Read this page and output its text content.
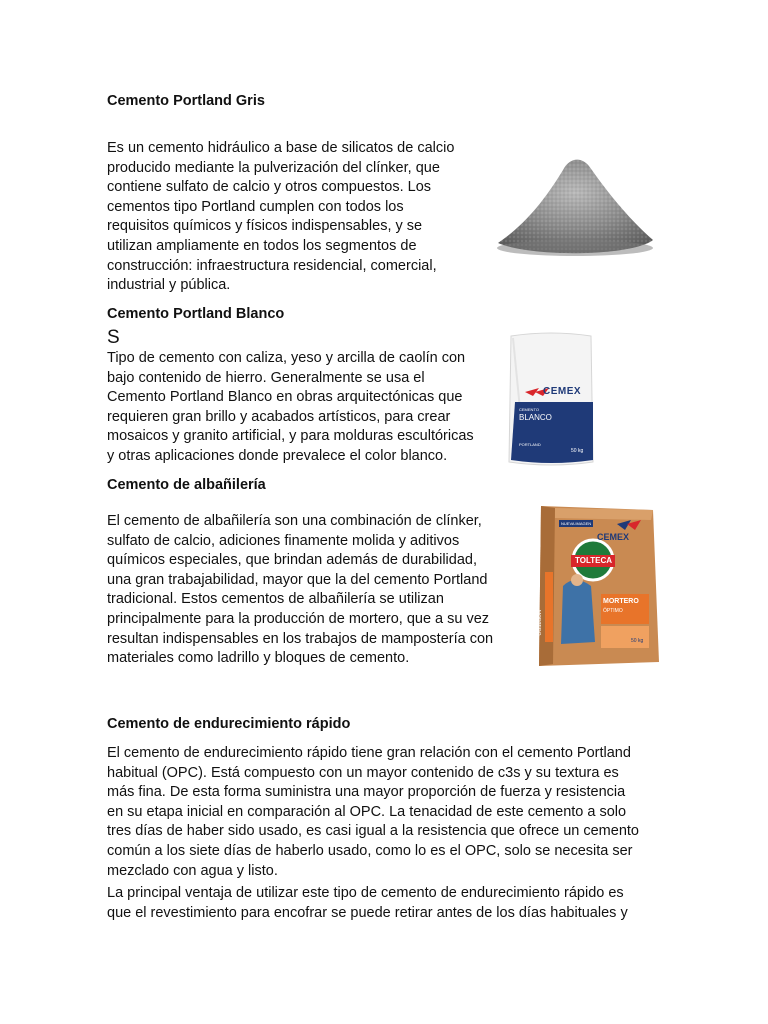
Cemento Portland Gris

Es un cemento hidráulico a base de silicatos de calcio
producido mediante la pulverización del clínker, que
contiene sulfato de calcio y otros compuestos. Los
cementos tipo Portland cumplen con todos los
requisitos químicos y físicos indispensables, y se
utilizan ampliamente en todos los segmentos de
construcción: infraestructura residencial, comercial,
industrial y pública.

Cemento Portland Blanco
S

Tipo de cemento con caliza, yeso y arcilla de caolín con
bajo contenido de hierro. Generalmente se usa el
Cemento Portland Blanco en obras arquitectónicas que
requieren gran brillo y acabados artísticos, para crear
mosaicos y granito artificial, y para molduras escultóricas
y otras aplicaciones donde prevalece el color blanco.

CEMEX
CEMENTO
BLANCO
PORTLAND
50 kg
Cemento de albañilería

El cemento de albañilería son una combinación de clínker,
sulfato de calcio, adiciones finamente molida y aditivos
químicos especiales, que brindan además de durabilidad,
una gran trabajabilidad, mayor que la del cemento Portland
tradicional. Estos cementos de albañilería se utilizan
principalmente para la producción de mortero, que a su vez
resultan indispensables en los trabajos de mampostería con
materiales como ladrillo y bloques de cemento.

NUEVA IMAGEN
CEMEX
TOLTECA
MORTERO
ÓPTIMO
MORTERO
50 kg
Cemento de endurecimiento rápido

El cemento de endurecimiento rápido tiene gran relación con el cemento Portland
habitual (OPC). Está compuesto con un mayor contenido de c3s y su textura es
más fina. De esta forma suministra una mayor proporción de fuerza y resistencia
en su etapa inicial en comparación al OPC. La tenacidad de este cemento a solo
tres días de haber sido usado, es casi igual a la resistencia que ofrece un cemento
común a los siete días de haberlo usado, como lo es el OPC, solo se necesita ser
mezclado con agua y listo.

La principal ventaja de utilizar este tipo de cemento de endurecimiento rápido es
que el revestimiento para encofrar se puede retirar antes de los días habituales y
